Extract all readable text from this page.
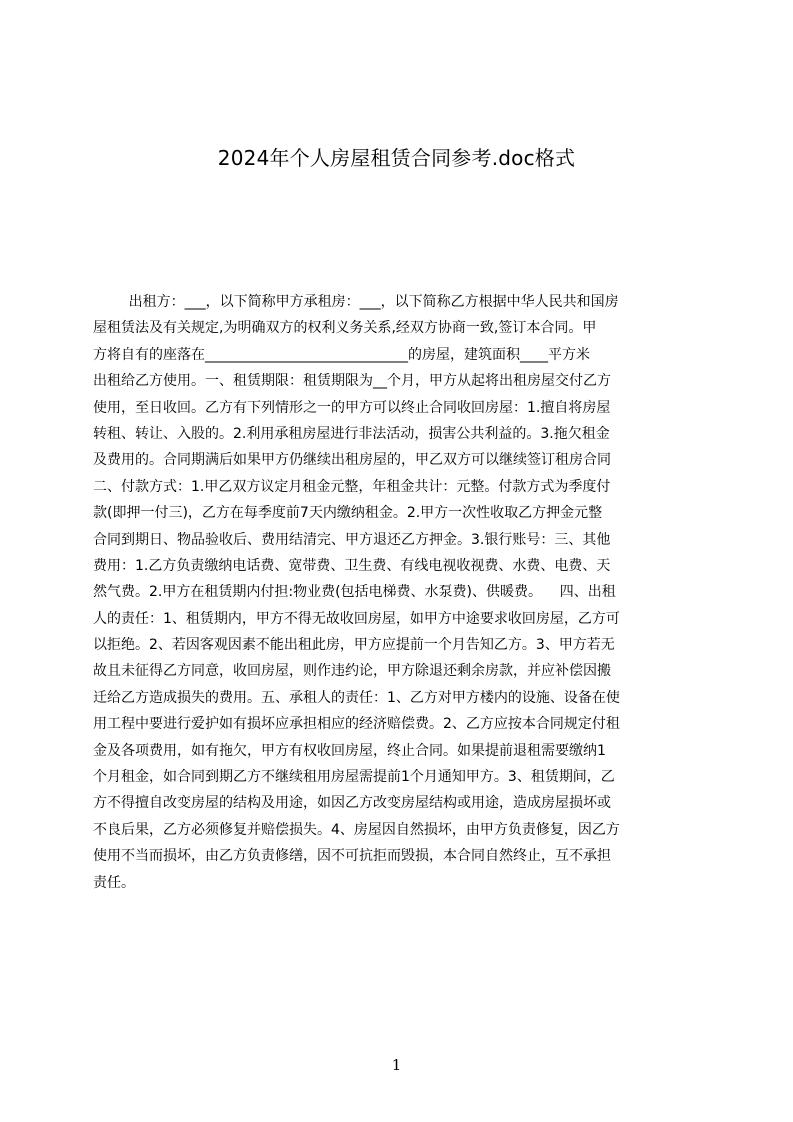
2024年个人房屋租赁合同参考.doc格式
出租方：___，以下简称甲方承租房：___，以下简称乙方根据中华人民共和国房
屋租赁法及有关规定,为明确双方的权利义务关系,经双方协商一致,签订本合同。甲
方将自有的座落在_____________________________的房屋，建筑面积____平方米
出租给乙方使用。一、租赁期限：租赁期限为__个月，甲方从起将出租房屋交付乙方
使用，至日收回。乙方有下列情形之一的甲方可以终止合同收回房屋：1.擅自将房屋
转租、转让、入股的。2.利用承租房屋进行非法活动，损害公共利益的。3.拖欠租金
及费用的。合同期满后如果甲方仍继续出租房屋的，甲乙双方可以继续签订租房合同
二、付款方式：1.甲乙双方议定月租金元整，年租金共计：元整。付款方式为季度付
款(即押一付三)，乙方在每季度前7天内缴纳租金。2.甲方一次性收取乙方押金元整
合同到期日、物品验收后、费用结清完、甲方退还乙方押金。3.银行账号：三、其他
费用：1.乙方负责缴纳电话费、宽带费、卫生费、有线电视收视费、水费、电费、天
然气费。2.甲方在租赁期内付担:物业费(包括电梯费、水泵费)、供暖费。    四、出租
人的责任：1、租赁期内，甲方不得无故收回房屋，如甲方中途要求收回房屋，乙方可
以拒绝。2、若因客观因素不能出租此房，甲方应提前一个月告知乙方。3、甲方若无
故且未征得乙方同意，收回房屋，则作违约论，甲方除退还剩余房款，并应补偿因搬
迁给乙方造成损失的费用。五、承租人的责任：1、乙方对甲方楼内的设施、设备在使
用工程中要进行爱护如有损坏应承担相应的经济赔偿费。2、乙方应按本合同规定付租
金及各项费用，如有拖欠，甲方有权收回房屋，终止合同。如果提前退租需要缴纳1
个月租金，如合同到期乙方不继续租用房屋需提前1个月通知甲方。3、租赁期间，乙
方不得擅自改变房屋的结构及用途，如因乙方改变房屋结构或用途，造成房屋损坏或
不良后果，乙方必须修复并赔偿损失。4、房屋因自然损坏，由甲方负责修复，因乙方
使用不当而损坏，由乙方负责修缮，因不可抗拒而毁损，本合同自然终止，互不承担
责任。
1
